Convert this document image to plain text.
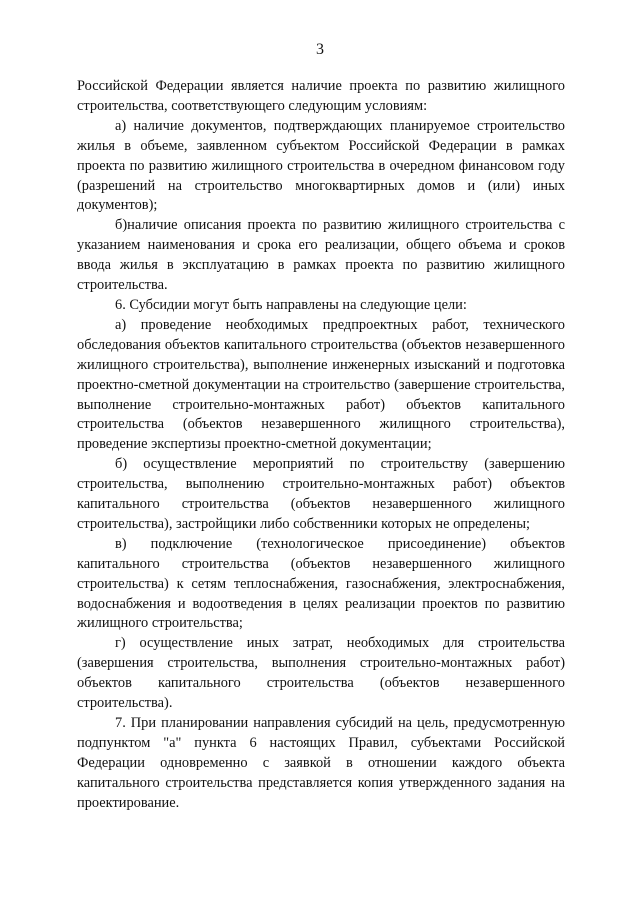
3

Российской Федерации является наличие проекта по развитию жилищного строительства, соответствующего следующим условиям:

а) наличие документов, подтверждающих планируемое строительство жилья в объеме, заявленном субъектом Российской Федерации в рамках проекта по развитию жилищного строительства в очередном финансовом году (разрешений на строительство многоквартирных домов и (или) иных документов);

б)наличие описания проекта по развитию жилищного строительства с указанием наименования и срока его реализации, общего объема и сроков ввода жилья в эксплуатацию в рамках проекта по развитию жилищного строительства.

6. Субсидии могут быть направлены на следующие цели:

а) проведение необходимых предпроектных работ, технического обследования объектов капитального строительства (объектов незавершенного жилищного строительства), выполнение инженерных изысканий и подготовка проектно-сметной документации на строительство (завершение строительства, выполнение строительно-монтажных работ) объектов капитального строительства (объектов незавершенного жилищного строительства), проведение экспертизы проектно-сметной документации;

б) осуществление мероприятий по строительству (завершению строительства, выполнению строительно-монтажных работ) объектов капитального строительства (объектов незавершенного жилищного строительства), застройщики либо собственники которых не определены;

в) подключение (технологическое присоединение) объектов капитального строительства (объектов незавершенного жилищного строительства) к сетям теплоснабжения, газоснабжения, электроснабжения, водоснабжения и водоотведения в целях реализации проектов по развитию жилищного строительства;

г) осуществление иных затрат, необходимых для строительства (завершения строительства, выполнения строительно-монтажных работ) объектов капитального строительства (объектов незавершенного строительства).

7. При планировании направления субсидий на цель, предусмотренную подпунктом "а" пункта 6 настоящих Правил, субъектами Российской Федерации одновременно с заявкой в отношении каждого объекта капитального строительства представляется копия утвержденного задания на проектирование.
